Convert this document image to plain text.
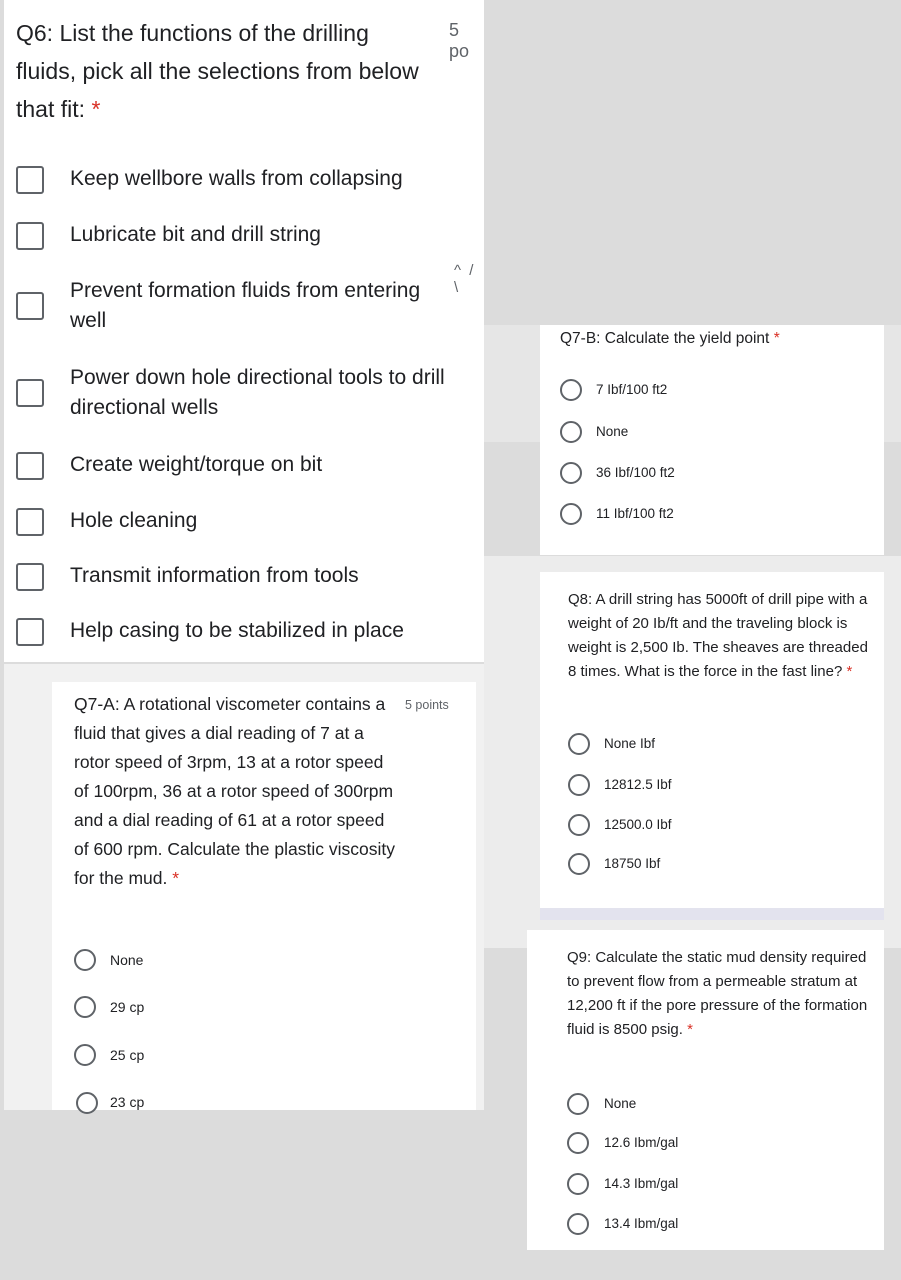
Q6: List the functions of the drilling fluids, pick all the selections from below that fit: *
5 po
^ / \
Keep wellbore walls from collapsing
Lubricate bit and drill string
Prevent formation fluids from entering well
Power down hole directional tools to drill directional wells
Create weight/torque on bit
Hole cleaning
Transmit information from tools
Help casing to be stabilized in place
Q7-A: A rotational viscometer contains a fluid that gives a dial reading of 7 at a rotor speed of 3rpm, 13 at a rotor speed of 100rpm, 36 at a rotor speed of 300rpm and a dial reading of 61 at a rotor speed of 600 rpm. Calculate the plastic viscosity for the mud. *
5 points
None
29 cp
25 cp
23 cp
Q7-B: Calculate the yield point *
7 Ibf/100 ft2
None
36 Ibf/100 ft2
11 Ibf/100 ft2
Q8: A drill string has 5000ft of drill pipe with a weight of 20 Ib/ft and the traveling block is weight is 2,500 Ib. The sheaves are threaded 8 times. What is the force in the fast line? *
None Ibf
12812.5 Ibf
12500.0 Ibf
18750 Ibf
Q9: Calculate the static mud density required to prevent flow from a permeable stratum at 12,200 ft if the pore pressure of the formation fluid is 8500 psig. *
None
12.6 Ibm/gal
14.3 Ibm/gal
13.4 Ibm/gal
